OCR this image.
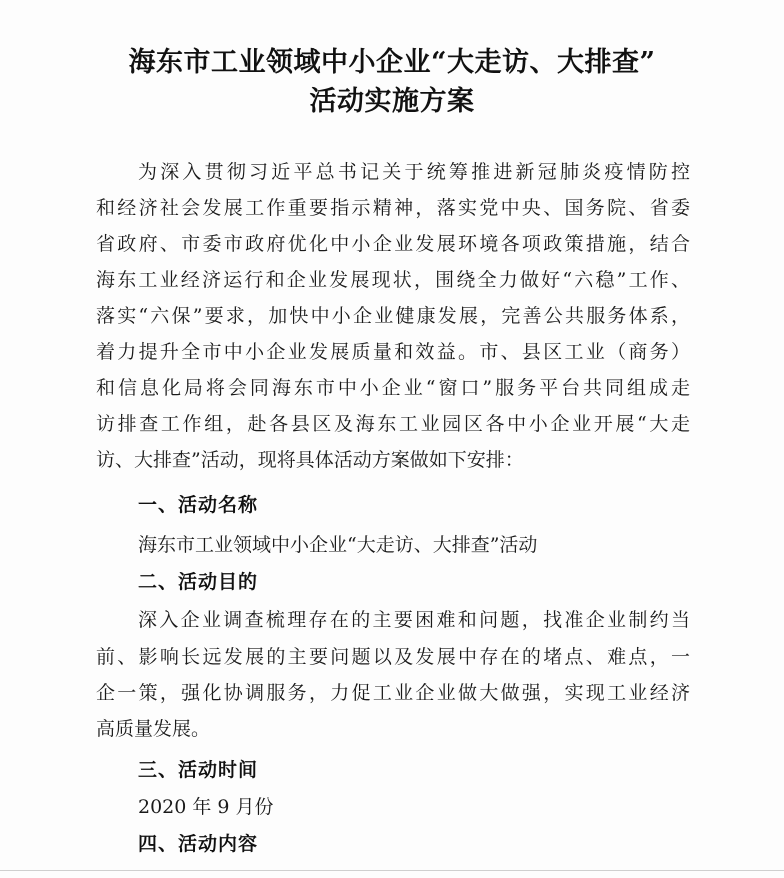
海东市工业领域中小企业“大走访、大排查”
活动实施方案
为深入贯彻习近平总书记关于统筹推进新冠肺炎疫情防控
和经济社会发展工作重要指示精神，落实党中央、国务院、省委
省政府、市委市政府优化中小企业发展环境各项政策措施，结合
海东工业经济运行和企业发展现状，围绕全力做好“六稳”工作、
落实“六保”要求，加快中小企业健康发展，完善公共服务体系，
着力提升全市中小企业发展质量和效益。市、县区工业（商务）
和信息化局将会同海东市中小企业“窗口”服务平台共同组成走
访排查工作组，赴各县区及海东工业园区各中小企业开展“大走
访、大排查”活动，现将具体活动方案做如下安排：
一、活动名称
海东市工业领域中小企业“大走访、大排查”活动
二、活动目的
深入企业调查梳理存在的主要困难和问题，找准企业制约当
前、影响长远发展的主要问题以及发展中存在的堵点、难点，一
企一策，强化协调服务，力促工业企业做大做强，实现工业经济
高质量发展。
三、活动时间
2020 年 9 月份
四、活动内容
